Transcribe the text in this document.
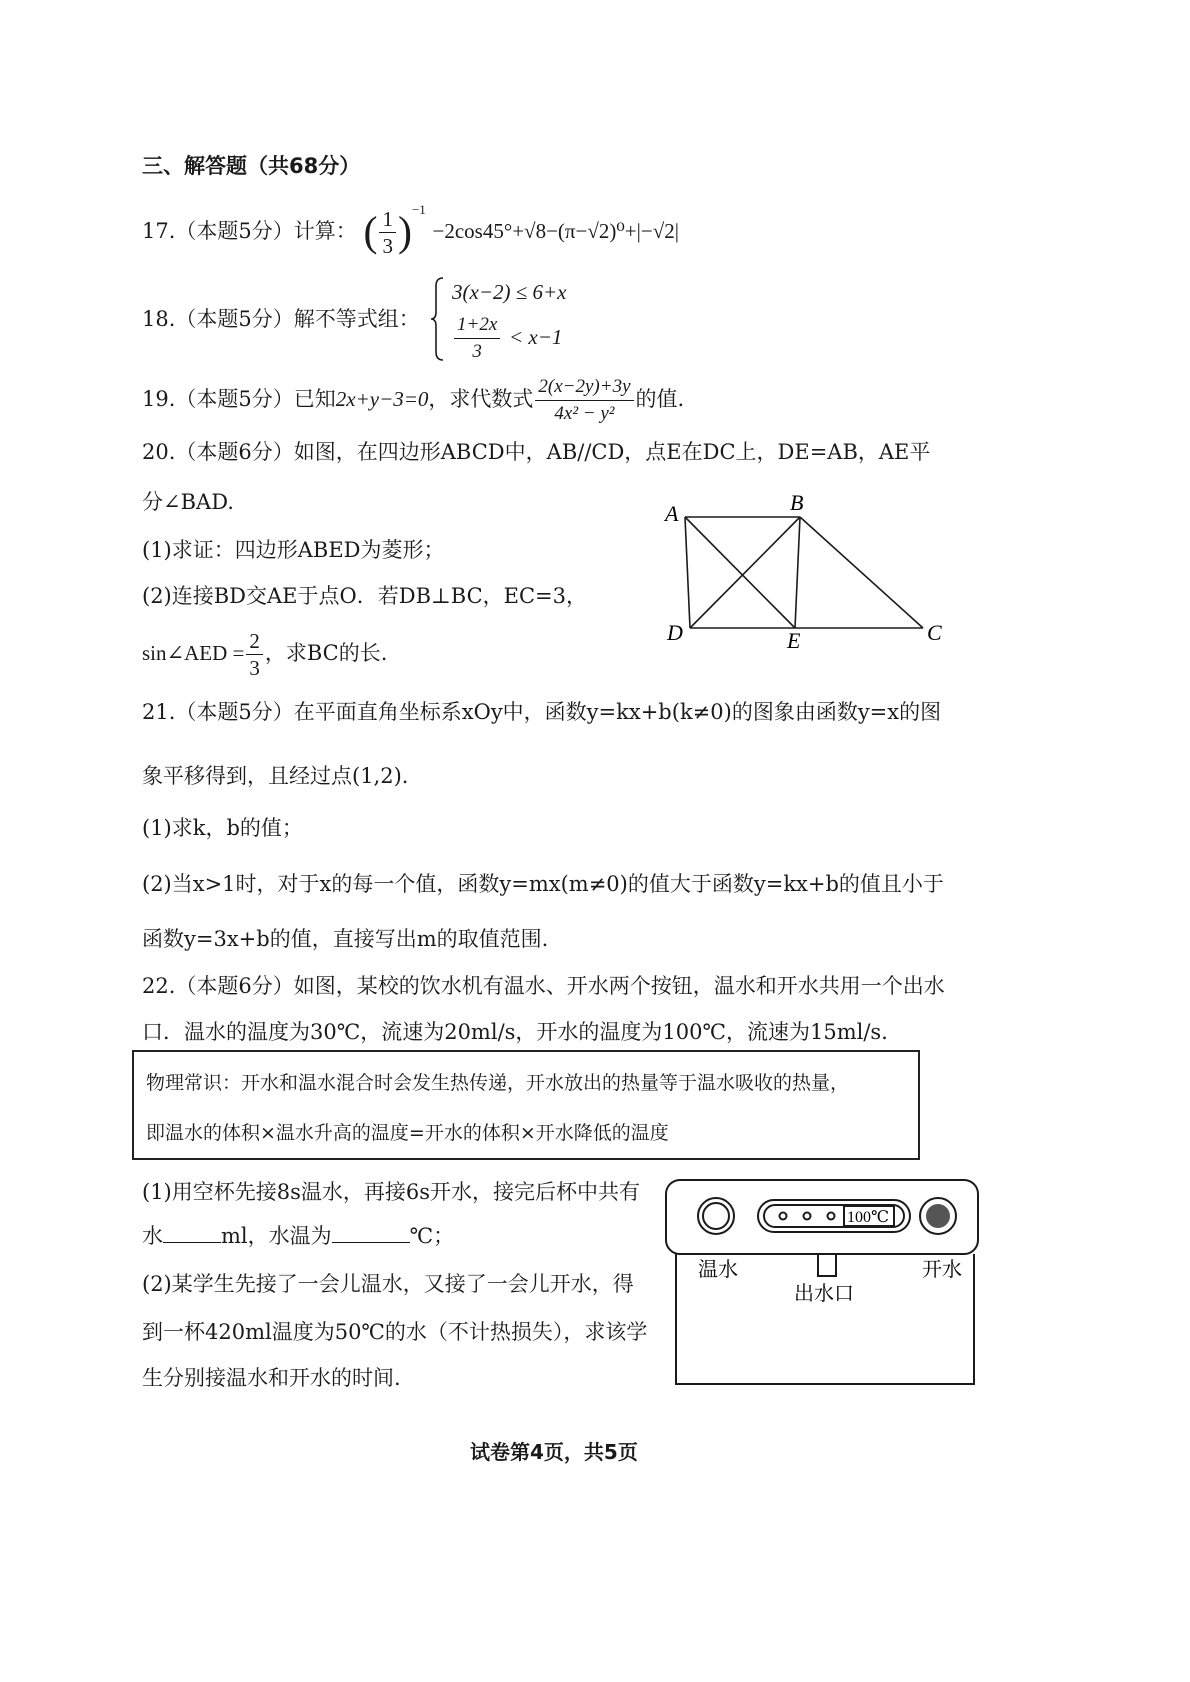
三、解答题（共68分）
17.（本题5分）计算： ( $\frac{1}{3} )^{-1} -2\cos 45^\circ+√8-(\pi-√2)^0+|-√2|$
18.（本题5分）解不等式组：
3(x−2) ≤ 6+x
$\frac{1+2x}{3} < x-1$
19.（本题5分）已知2x+y−3=0，求代数式 $\frac{2(x-2y)+3y}{\text{4x² − y²}}$ 的值.
20.（本题6分）如图，在四边形ABCD中，AB//CD，点E在DC上，DE=AB，AE平
分∠BAD.
(1)求证：四边形ABED为菱形；
(2)连接BD交AE于点O．若DB⊥BC，EC=3，
sin∠AED = $\frac{2}{3}$ ，求BC的长.
A	B
C
D	E
21.（本题5分）在平面直角坐标系xOy中，函数y=kx+b(k≠0)的图象由函数y=x的图
象平移得到，且经过点(1,2).
(1)求k，b的值；
(2)当x>1时，对于x的每一个值，函数y=mx(m≠0)的值大于函数y=kx+b的值且小于
函数y=3x+b的值，直接写出m的取值范围.
22.（本题6分）如图，某校的饮水机有温水、开水两个按钮，温水和开水共用一个出水
口．温水的温度为30℃，流速为20ml/s，开水的温度为100℃，流速为15ml/s．
物理常识：开水和温水混合时会发生热传递，开水放出的热量等于温水吸收的热量，
即温水的体积×温水升高的温度=开水的体积×开水降低的温度
(1)用空杯先接8s温水，再接6s开水，接完后杯中共有
水	ml，水温为	℃；
(2)某学生先接了一会儿温水，又接了一会儿开水，得
到一杯420ml温度为50℃的水（不计热损失），求该学
生分别接温水和开水的时间.
100℃
温水	开水
出水口
试卷第4页，共5页
